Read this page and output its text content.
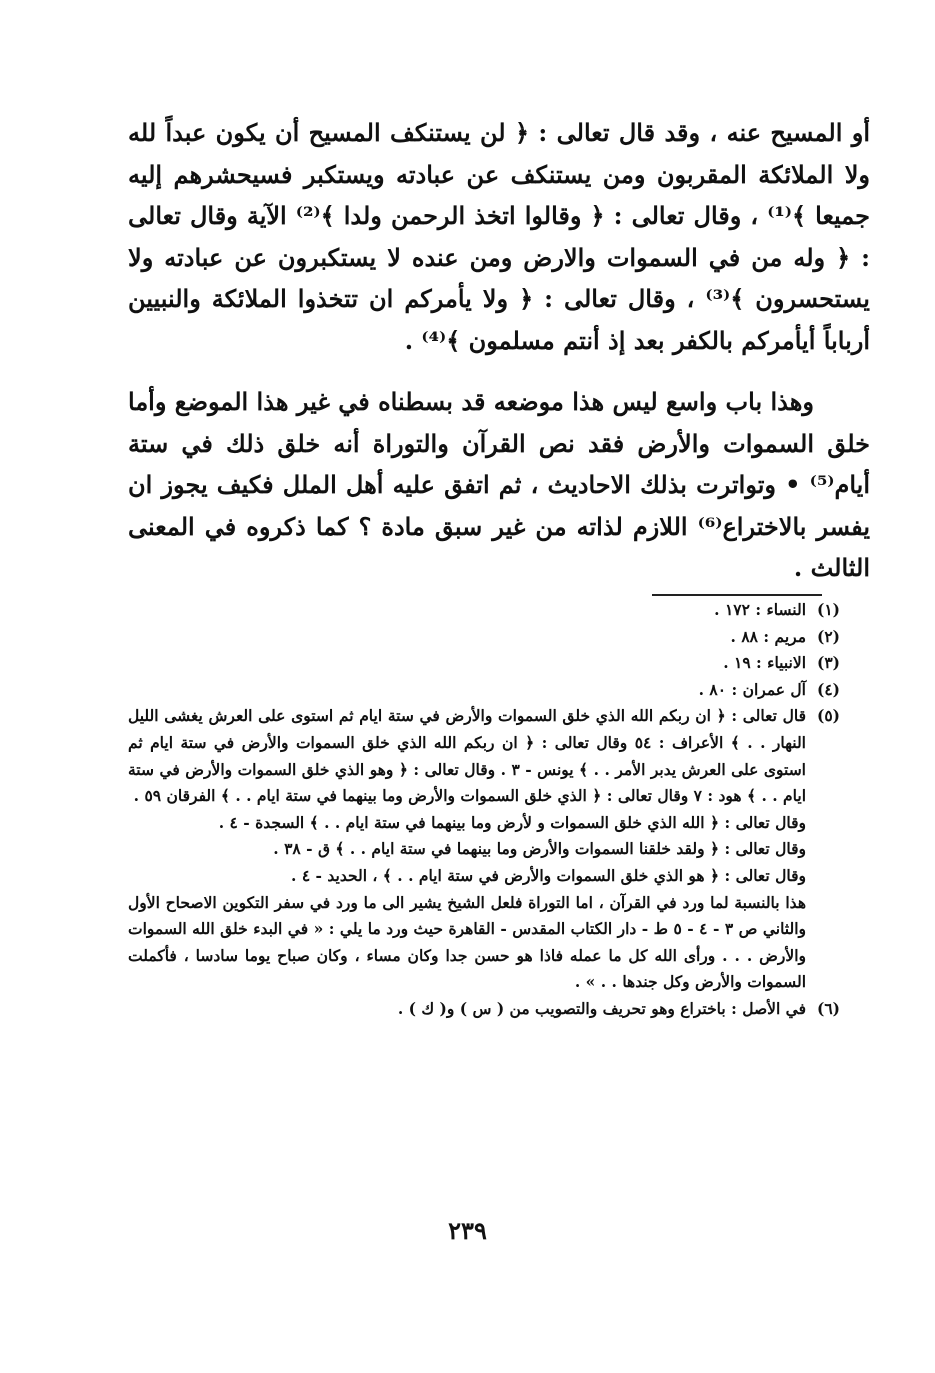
أو المسيح عنه ، وقد قال تعالى : ﴿ لن يستنكف المسيح أن يكون عبداً لله ولا الملائكة المقربون ومن يستنكف عن عبادته ويستكبر فسيحشرهم إليه جميعا ﴾⁽¹⁾ ، وقال تعالى : ﴿ وقالوا اتخذ الرحمن ولدا ﴾⁽²⁾ الآية وقال تعالى : ﴿ وله من في السموات والارض ومن عنده لا يستكبرون عن عبادته ولا يستحسرون ﴾⁽³⁾ ، وقال تعالى : ﴿ ولا يأمركم ان تتخذوا الملائكة والنبيين أرباباً أيأمركم بالكفر بعد إذ أنتم مسلمون ﴾⁽⁴⁾ .

وهذا باب واسع ليس هذا موضعه قد بسطناه في غير هذا الموضع وأما خلق السموات والأرض فقد نص القرآن والتوراة أنه خلق ذلك في ستة أيام⁽⁵⁾ • وتواترت بذلك الاحاديث ، ثم اتفق عليه أهل الملل فكيف يجوز ان يفسر بالاختراع⁽⁶⁾ اللازم لذاته من غير سبق مادة ؟ كما ذكروه في المعنى الثالث .

(١)
النساء : ١٧٢ .
(٢)
مريم : ٨٨ .
(٣)
الانبياء : ١٩ .
(٤)
آل عمران : ٨٠ .
(٥)
قال تعالى : ﴿ ان ربكم الله الذي خلق السموات والأرض في ستة ايام ثم استوى على العرش يغشى الليل النهار . . ﴾ الأعراف : ٥٤ وقال تعالى : ﴿ ان ربكم الله الذي خلق السموات والأرض في ستة ايام ثم استوى على العرش يدبر الأمر . . ﴾ يونس - ٣ . وقال تعالى : ﴿ وهو الذي خلق السموات والأرض في ستة ايام . . ﴾ هود : ٧ وقال تعالى : ﴿ الذي خلق السموات والأرض وما بينهما في ستة ايام . . ﴾ الفرقان ٥٩ .
وقال تعالى : ﴿ الله الذي خلق السموات و لأرض وما بينهما في ستة ايام . . ﴾ السجدة - ٤ .
وقال تعالى : ﴿ ولقد خلقنا السموات والأرض وما بينهما في ستة ايام . . ﴾ ق - ٣٨ .
وقال تعالى : ﴿ هو الذي خلق السموات والأرض في ستة ايام . . ﴾ ، الحديد - ٤ .
هذا بالنسبة لما ورد في القرآن ، اما التوراة فلعل الشيخ يشير الى ما ورد في سفر التكوين الاصحاح الأول والثاني ص ٣ - ٤ - ٥ ط - دار الكتاب المقدس - القاهرة حيث ورد ما يلي : « في البدء خلق الله السموات والأرض . . . ورأى الله كل ما عمله فاذا هو حسن جدا وكان مساء ، وكان صباح يوما سادسا ، فأكملت السموات والأرض وكل جندها . . » .
(٦)
في الأصل : باختراع وهو تحريف والتصويب من ( س ) و( ك ) .
٢٣٩
